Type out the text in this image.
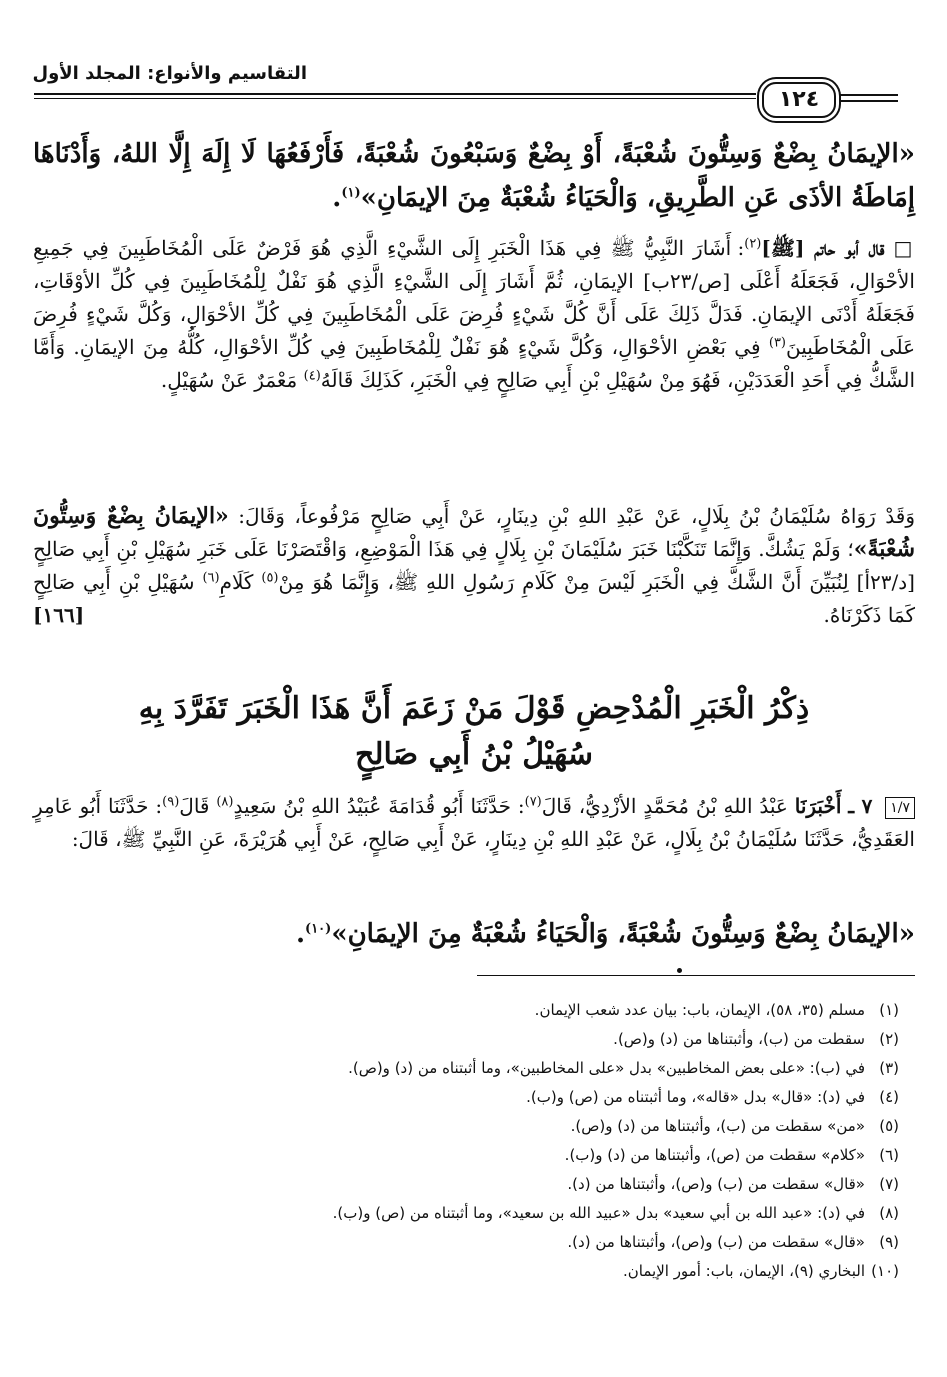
التقاسيم والأنواع: المجلد الأول
١٢٤
«الإيمَانُ بِضْعٌ وَسِتُّونَ شُعْبَةً، أَوْ بِضْعٌ وَسَبْعُونَ شُعْبَةً، فَأَرْفَعُهَا لَا إِلَهَ إِلَّا اللهُ، وَأَدْنَاهَا إِمَاطَةُ الأذَى عَنِ الطَّرِيقِ، وَالْحَيَاءُ شُعْبَةٌ مِنَ الإيمَانِ»$^{(١)}$.
□ قال أبو حاتم [ﷺ]$^{(٢)}$: أَشَارَ النَّبِيُّ ﷺ فِي هَذَا الْخَبَرِ إِلَى الشَّيْءِ الَّذِي هُوَ فَرْضٌ عَلَى الْمُخَاطَبِينَ فِي جَمِيعِ الأحْوَالِ، فَجَعَلَهُ أَعْلَى [ص/٢٣ب] الإيمَانِ، ثُمَّ أَشَارَ إِلَى الشَّيْءِ الَّذِي هُوَ نَفْلٌ لِلْمُخَاطَبِينَ فِي كُلِّ الأوْقَاتِ، فَجَعَلَهُ أَدْنَى الإيمَانِ. فَدَلَّ ذَلِكَ عَلَى أَنَّ كُلَّ شَيْءٍ فُرِضَ عَلَى الْمُخَاطَبِينَ فِي كُلِّ الأحْوَالِ، وَكُلَّ شَيْءٍ فُرِضَ عَلَى الْمُخَاطَبِينَ$^{(٣)}$ فِي بَعْضِ الأحْوَالِ، وَكُلَّ شَيْءٍ هُوَ نَفْلٌ لِلْمُخَاطَبِينَ فِي كُلِّ الأحْوَالِ، كُلُّهُ مِنَ الإيمَانِ. وَأَمَّا الشَّكُّ فِي أَحَدِ الْعَدَدَيْنِ، فَهُوَ مِنْ سُهَيْلِ بْنِ أَبِي صَالِحٍ فِي الْخَبَرِ، كَذَلِكَ قَالَهُ$^{(٤)}$ مَعْمَرٌ عَنْ سُهَيْلٍ.
وَقَدْ رَوَاهُ سُلَيْمَانُ بْنُ بِلَالٍ، عَنْ عَبْدِ اللهِ بْنِ دِينَارٍ، عَنْ أَبِي صَالِحٍ مَرْفُوعاً، وَقَالَ: «الإيمَانُ بِضْعٌ وَسِتُّونَ شُعْبَةً»؛ وَلَمْ يَشُكَّ. وَإِنَّمَا تَنَكَّبْنَا خَبَرَ سُلَيْمَانَ بْنِ بِلَالٍ فِي هَذَا الْمَوْضِعِ، وَاقْتَصَرْنَا عَلَى خَبَرِ سُهَيْلِ بْنِ أَبِي صَالِحٍ [د/٢٣أ] لِنُبَيِّنَ أَنَّ الشَّكَّ فِي الْخَبَرِ لَيْسَ مِنْ كَلَامِ رَسُولِ اللهِ ﷺ، وَإِنَّمَا هُوَ مِنْ$^{(٥)}$ كَلَامِ$^{(٦)}$ سُهَيْلِ بْنِ أَبِي صَالِحٍ كَمَا ذَكَرْنَاهُ.
[١٦٦]
ذِكْرُ الْخَبَرِ الْمُدْحِضِ قَوْلَ مَنْ زَعَمَ أَنَّ هَذَا الْخَبَرَ تَفَرَّدَ بِهِ
سُهَيْلُ بْنُ أَبِي صَالِحٍ
١/٧ ٧ ـ أَخْبَرَنَا عَبْدُ اللهِ بْنُ مُحَمَّدٍ الأزْدِيُّ، قَالَ$^{(٧)}$: حَدَّثَنَا أَبُو قُدَامَةَ عُبَيْدُ اللهِ بْنُ سَعِيدٍ$^{(٨)}$ قَالَ$^{(٩)}$: حَدَّثَنَا أَبُو عَامِرٍ العَقَدِيُّ، حَدَّثَنَا سُلَيْمَانُ بْنُ بِلَالٍ، عَنْ عَبْدِ اللهِ بْنِ دِينَارٍ، عَنْ أَبِي صَالِحٍ، عَنْ أَبِي هُرَيْرَةَ، عَنِ النَّبِيِّ ﷺ، قَالَ:
«الإيمَانُ بِضْعٌ وَسِتُّونَ شُعْبَةً، وَالْحَيَاءُ شُعْبَةٌ مِنَ الإيمَانِ»$^{(١٠)}$.
(١)مسلم (٣٥، ٥٨)، الإيمان، باب: بيان عدد شعب الإيمان.
(٢)سقطت من (ب)، وأثبتناها من (د) و(ص).
(٣)في (ب): «على بعض المخاطبين» بدل «على المخاطبين»، وما أثبتناه من (د) و(ص).
(٤)في (د): «قال» بدل «قاله»، وما أثبتناه من (ص) و(ب).
(٥)«من» سقطت من (ب)، وأثبتناها من (د) و(ص).
(٦)«كلام» سقطت من (ص)، وأثبتناها من (د) و(ب).
(٧)«قال» سقطت من (ب) و(ص)، وأثبتناها من (د).
(٨)في (د): «عبد الله بن أبي سعيد» بدل «عبيد الله بن سعيد»، وما أثبتناه من (ص) و(ب).
(٩)«قال» سقطت من (ب) و(ص)، وأثبتناها من (د).
(١٠)البخاري (٩)، الإيمان، باب: أمور الإيمان.
